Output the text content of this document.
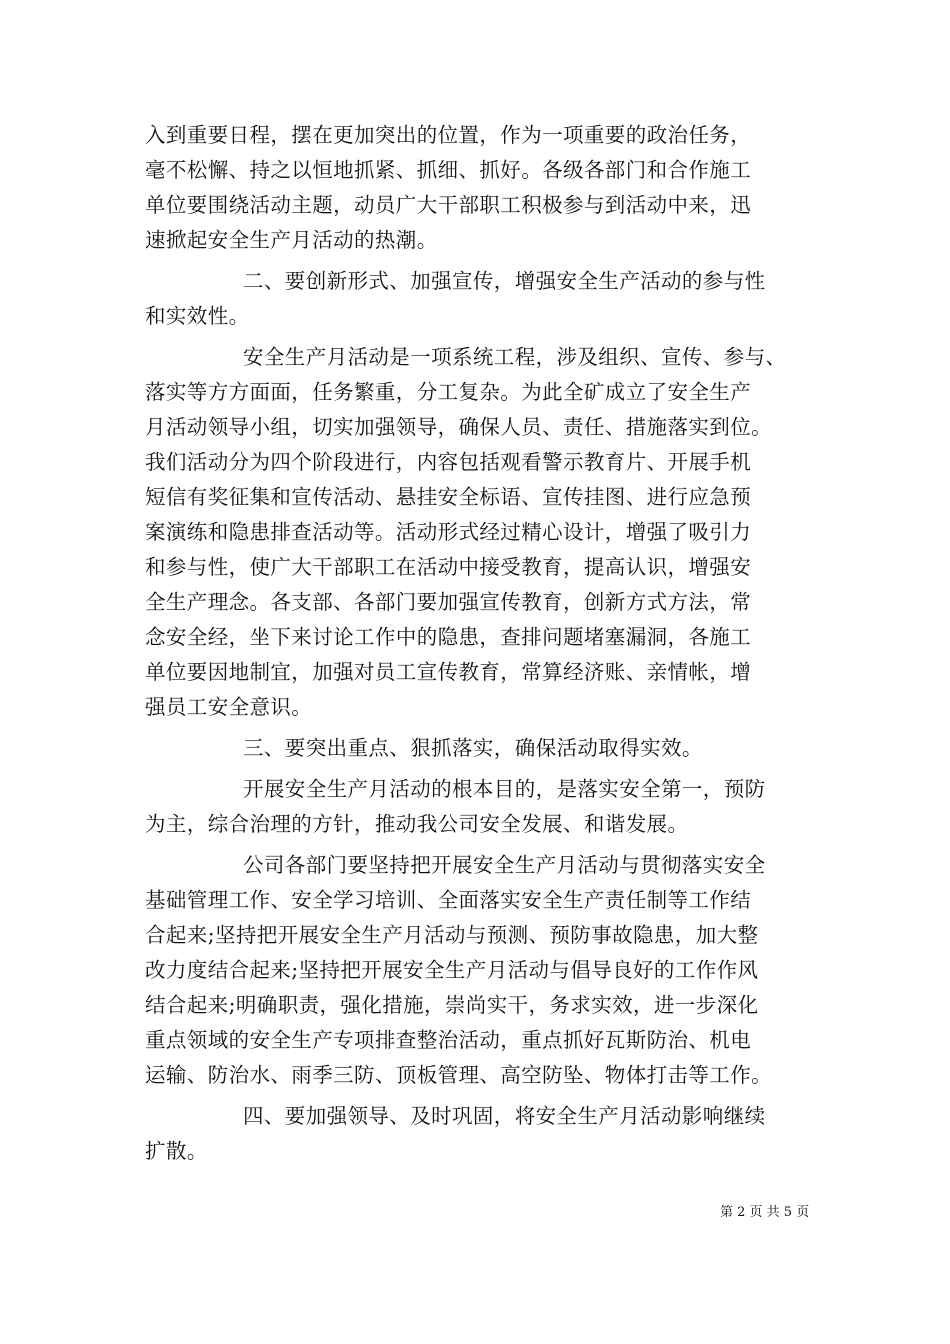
入到重要日程，摆在更加突出的位置，作为一项重要的政治任务，
毫不松懈、持之以恒地抓紧、抓细、抓好。各级各部门和合作施工
单位要围绕活动主题，动员广大干部职工积极参与到活动中来，迅
速掀起安全生产月活动的热潮。
二、要创新形式、加强宣传，增强安全生产活动的参与性
和实效性。
安全生产月活动是一项系统工程，涉及组织、宣传、参与、
落实等方方面面，任务繁重，分工复杂。为此全矿成立了安全生产
月活动领导小组，切实加强领导，确保人员、责任、措施落实到位。
我们活动分为四个阶段进行，内容包括观看警示教育片、开展手机
短信有奖征集和宣传活动、悬挂安全标语、宣传挂图、进行应急预
案演练和隐患排查活动等。活动形式经过精心设计，增强了吸引力
和参与性，使广大干部职工在活动中接受教育，提高认识，增强安
全生产理念。各支部、各部门要加强宣传教育，创新方式方法，常
念安全经，坐下来讨论工作中的隐患，查排问题堵塞漏洞，各施工
单位要因地制宜，加强对员工宣传教育，常算经济账、亲情帐，增
强员工安全意识。
三、要突出重点、狠抓落实，确保活动取得实效。
开展安全生产月活动的根本目的，是落实安全第一，预防
为主，综合治理的方针，推动我公司安全发展、和谐发展。
公司各部门要坚持把开展安全生产月活动与贯彻落实安全
基础管理工作、安全学习培训、全面落实安全生产责任制等工作结
合起来;坚持把开展安全生产月活动与预测、预防事故隐患，加大整
改力度结合起来;坚持把开展安全生产月活动与倡导良好的工作作风
结合起来;明确职责，强化措施，崇尚实干，务求实效，进一步深化
重点领域的安全生产专项排查整治活动，重点抓好瓦斯防治、机电
运输、防治水、雨季三防、顶板管理、高空防坠、物体打击等工作。
四、要加强领导、及时巩固，将安全生产月活动影响继续
扩散。
第 2 页 共 5 页
